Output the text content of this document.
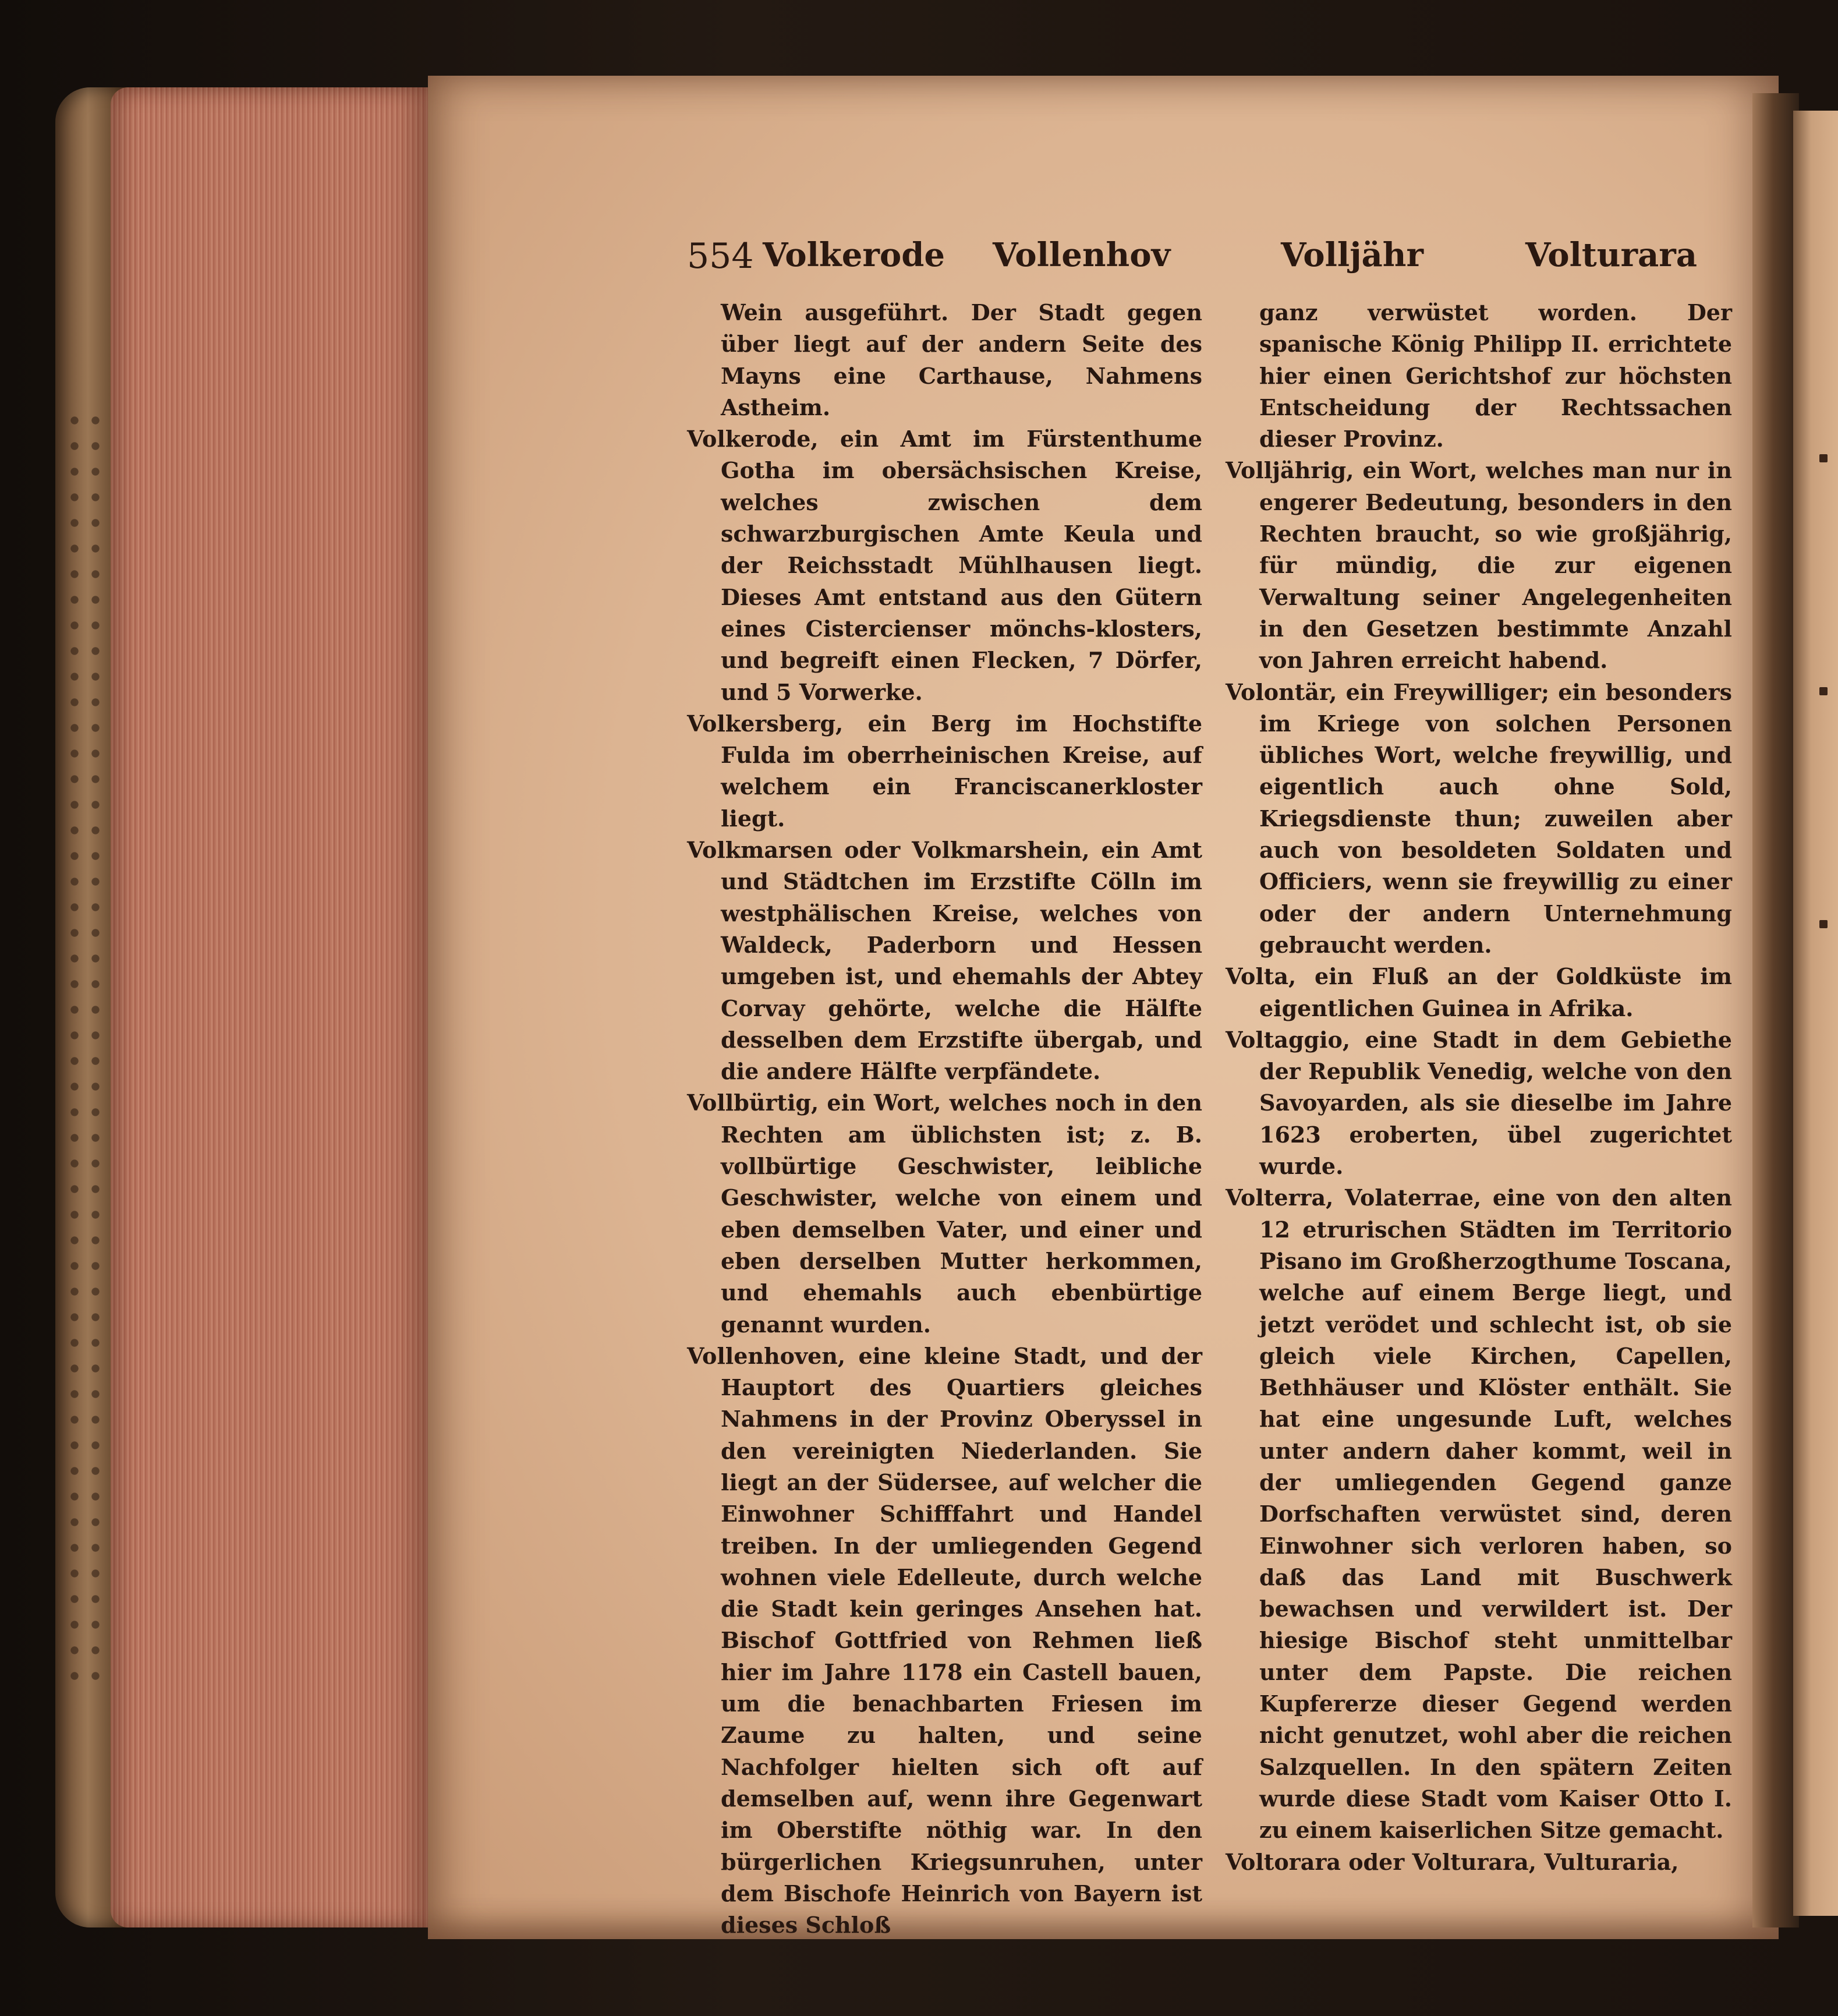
554 Volkerode Vollenhov	Volljähr	Volturara

Wein ausgeführt. Der Stadt gegen über liegt auf der andern Seite des Mayns eine Carthause, Nahmens Astheim.

Volkerode, ein Amt im Fürstenthume Gotha im obersächsischen Kreise, welches zwischen dem schwarzburgischen Amte Keula und der Reichsstadt Mühlhausen liegt. Dieses Amt entstand aus den Gütern eines Cistercienser mönchs-klosters, und begreift einen Flecken, 7 Dörfer, und 5 Vorwerke.

Volkersberg, ein Berg im Hochstifte Fulda im oberrheinischen Kreise, auf welchem ein Franciscanerkloster liegt.

Volkmarsen oder Volkmarshein, ein Amt und Städtchen im Erzstifte Cölln im westphälischen Kreise, welches von Waldeck, Paderborn und Hessen umgeben ist, und ehemahls der Abtey Corvay gehörte, welche die Hälfte desselben dem Erzstifte übergab, und die andere Hälfte verpfändete.

Vollbürtig, ein Wort, welches noch in den Rechten am üblichsten ist; z. B. vollbürtige Geschwister, leibliche Geschwister, welche von einem und eben demselben Vater, und einer und eben derselben Mutter herkommen, und ehemahls auch ebenbürtige genannt wurden.

Vollenhoven, eine kleine Stadt, und der Hauptort des Quartiers gleiches Nahmens in der Provinz Oberyssel in den vereinigten Niederlanden. Sie liegt an der Südersee, auf welcher die Einwohner Schifffahrt und Handel treiben. In der umliegenden Gegend wohnen viele Edelleute, durch welche die Stadt kein geringes Ansehen hat. Bischof Gottfried von Rehmen ließ hier im Jahre 1178 ein Castell bauen, um die benachbarten Friesen im Zaume zu halten, und seine Nachfolger hielten sich oft auf demselben auf, wenn ihre Gegenwart im Oberstifte nöthig war. In den bürgerlichen Kriegsunruhen, unter dem Bischofe Heinrich von Bayern ist dieses Schloß

ganz verwüstet worden. Der spanische König Philipp II. errichtete hier einen Gerichtshof zur höchsten Entscheidung der Rechtssachen dieser Provinz.

Volljährig, ein Wort, welches man nur in engerer Bedeutung, besonders in den Rechten braucht, so wie großjährig, für mündig, die zur eigenen Verwaltung seiner Angelegenheiten in den Gesetzen bestimmte Anzahl von Jahren erreicht habend.

Volontär, ein Freywilliger; ein besonders im Kriege von solchen Personen übliches Wort, welche freywillig, und eigentlich auch ohne Sold, Kriegsdienste thun; zuweilen aber auch von besoldeten Soldaten und Officiers, wenn sie freywillig zu einer oder der andern Unternehmung gebraucht werden.

Volta, ein Fluß an der Goldküste im eigentlichen Guinea in Afrika.

Voltaggio, eine Stadt in dem Gebiethe der Republik Venedig, welche von den Savoyarden, als sie dieselbe im Jahre 1623 eroberten, übel zugerichtet wurde.

Volterra, Volaterrae, eine von den alten 12 etrurischen Städten im Territorio Pisano im Großherzogthume Toscana, welche auf einem Berge liegt, und jetzt verödet und schlecht ist, ob sie gleich viele Kirchen, Capellen, Bethhäuser und Klöster enthält. Sie hat eine ungesunde Luft, welches unter andern daher kommt, weil in der umliegenden Gegend ganze Dorfschaften verwüstet sind, deren Einwohner sich verloren haben, so daß das Land mit Buschwerk bewachsen und verwildert ist. Der hiesige Bischof steht unmittelbar unter dem Papste. Die reichen Kupfererze dieser Gegend werden nicht genutzet, wohl aber die reichen Salzquellen. In den spätern Zeiten wurde diese Stadt vom Kaiser Otto I. zu einem kaiserlichen Sitze gemacht.

Voltorara oder Volturara, Vulturaria,
